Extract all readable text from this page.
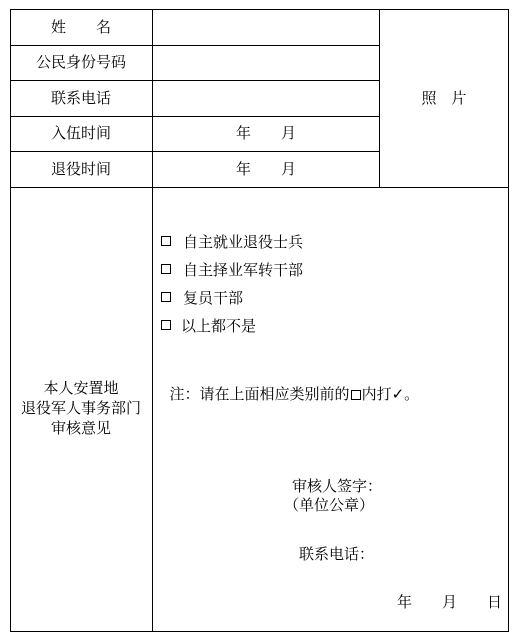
姓　　名
公民身份号码
联系电话
入伍时间
退役时间
年　　月
年　　月
照　片
本人安置地
退役军人事务部门
审核意见
自主就业退役士兵
自主择业军转干部
复员干部
以上都不是

注：请在上面相应类别前的 内打✓。

审核人签字：
（单位公章）
联系电话：
年　　月　　日
